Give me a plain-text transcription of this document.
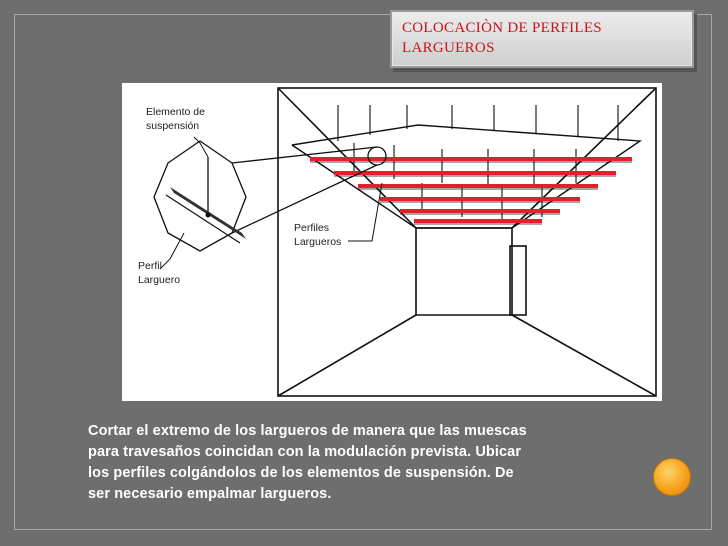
COLOCACIÒN DE PERFILES
LARGUEROS
Elemento de
suspensión
Perfil
Larguero
Perfiles
Largueros
Cortar el extremo de los largueros de manera que las muescas
para travesaños coincidan con la modulación prevista. Ubicar
los perfiles colgándolos de los elementos de suspensión. De
ser necesario empalmar largueros.
